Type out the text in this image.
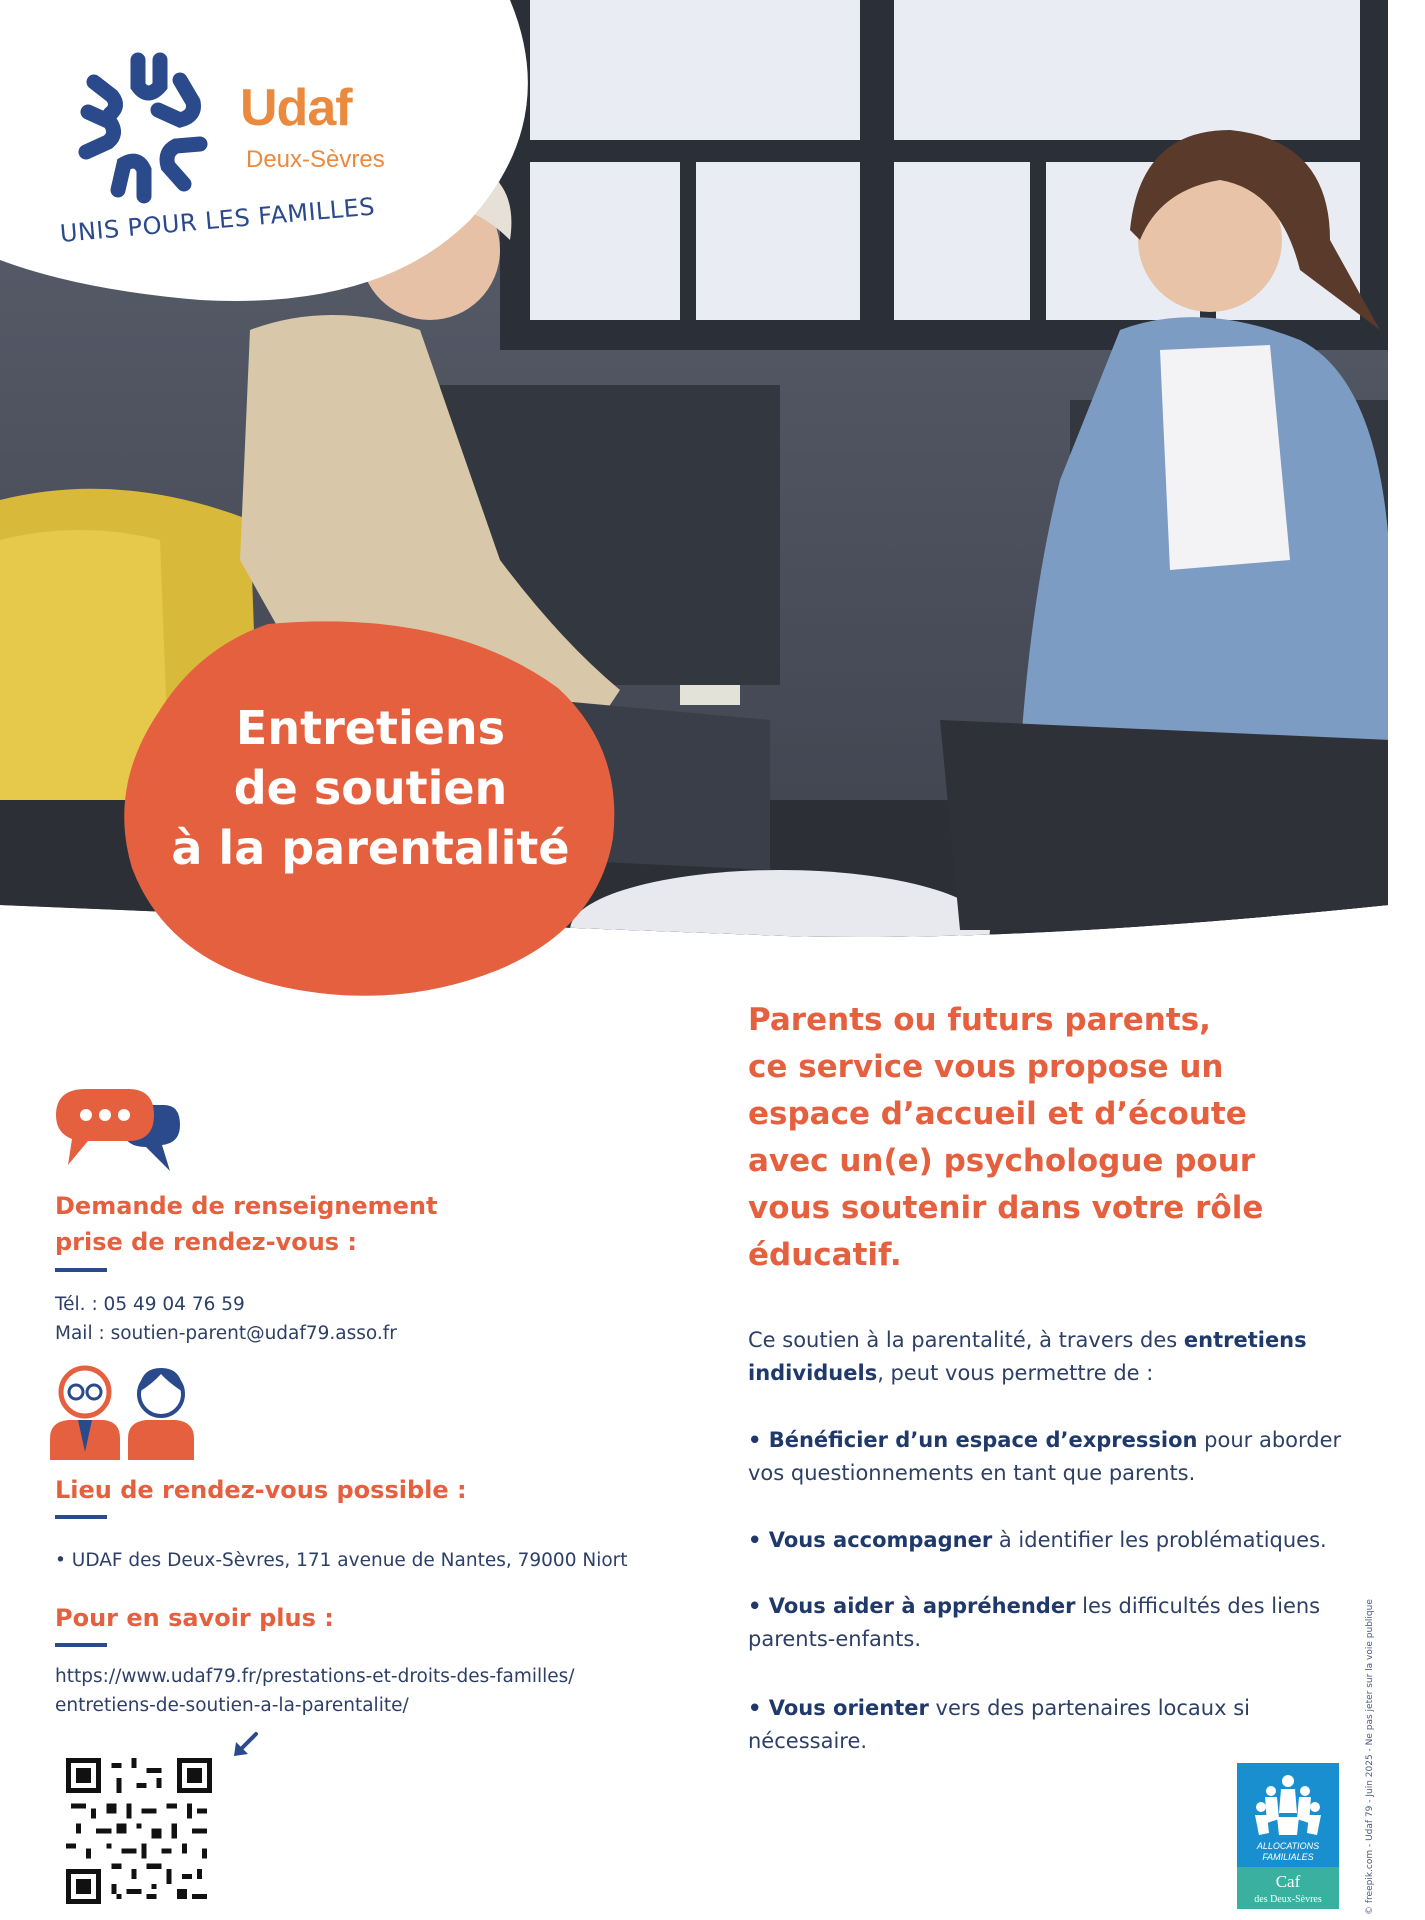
Udaf
Deux-Sèvres
UNIS POUR LES FAMILLES
Entretiens
de soutien
à la parentalité
Demande de renseignement
prise de rendez-vous :
Tél. : 05 49 04 76 59
Mail : soutien-parent@udaf79.asso.fr
Lieu de rendez-vous possible :
• UDAF des Deux-Sèvres, 171 avenue de Nantes, 79000 Niort
Pour en savoir plus :
https://www.udaf79.fr/prestations-et-droits-des-familles/
entretiens-de-soutien-a-la-parentalite/
Parents ou futurs parents,
ce service vous propose un
espace d’accueil et d’écoute
avec un(e) psychologue pour
vous soutenir dans votre rôle
éducatif.

Ce soutien à la parentalité, à travers des entretiens individuels, peut vous permettre de :

• Bénéficier d’un espace d’expression pour aborder vos questionnements en tant que parents.

• Vous accompagner à identifier les problématiques.

• Vous aider à appréhender les difficultés des liens parents-enfants.

• Vous orienter vers des partenaires locaux si nécessaire.

ALLOCATIONS
FAMILIALES
Caf
des Deux-Sèvres	© freepik.com - Udaf 79 - Juin 2025 - Ne pas jeter sur la voie publique
